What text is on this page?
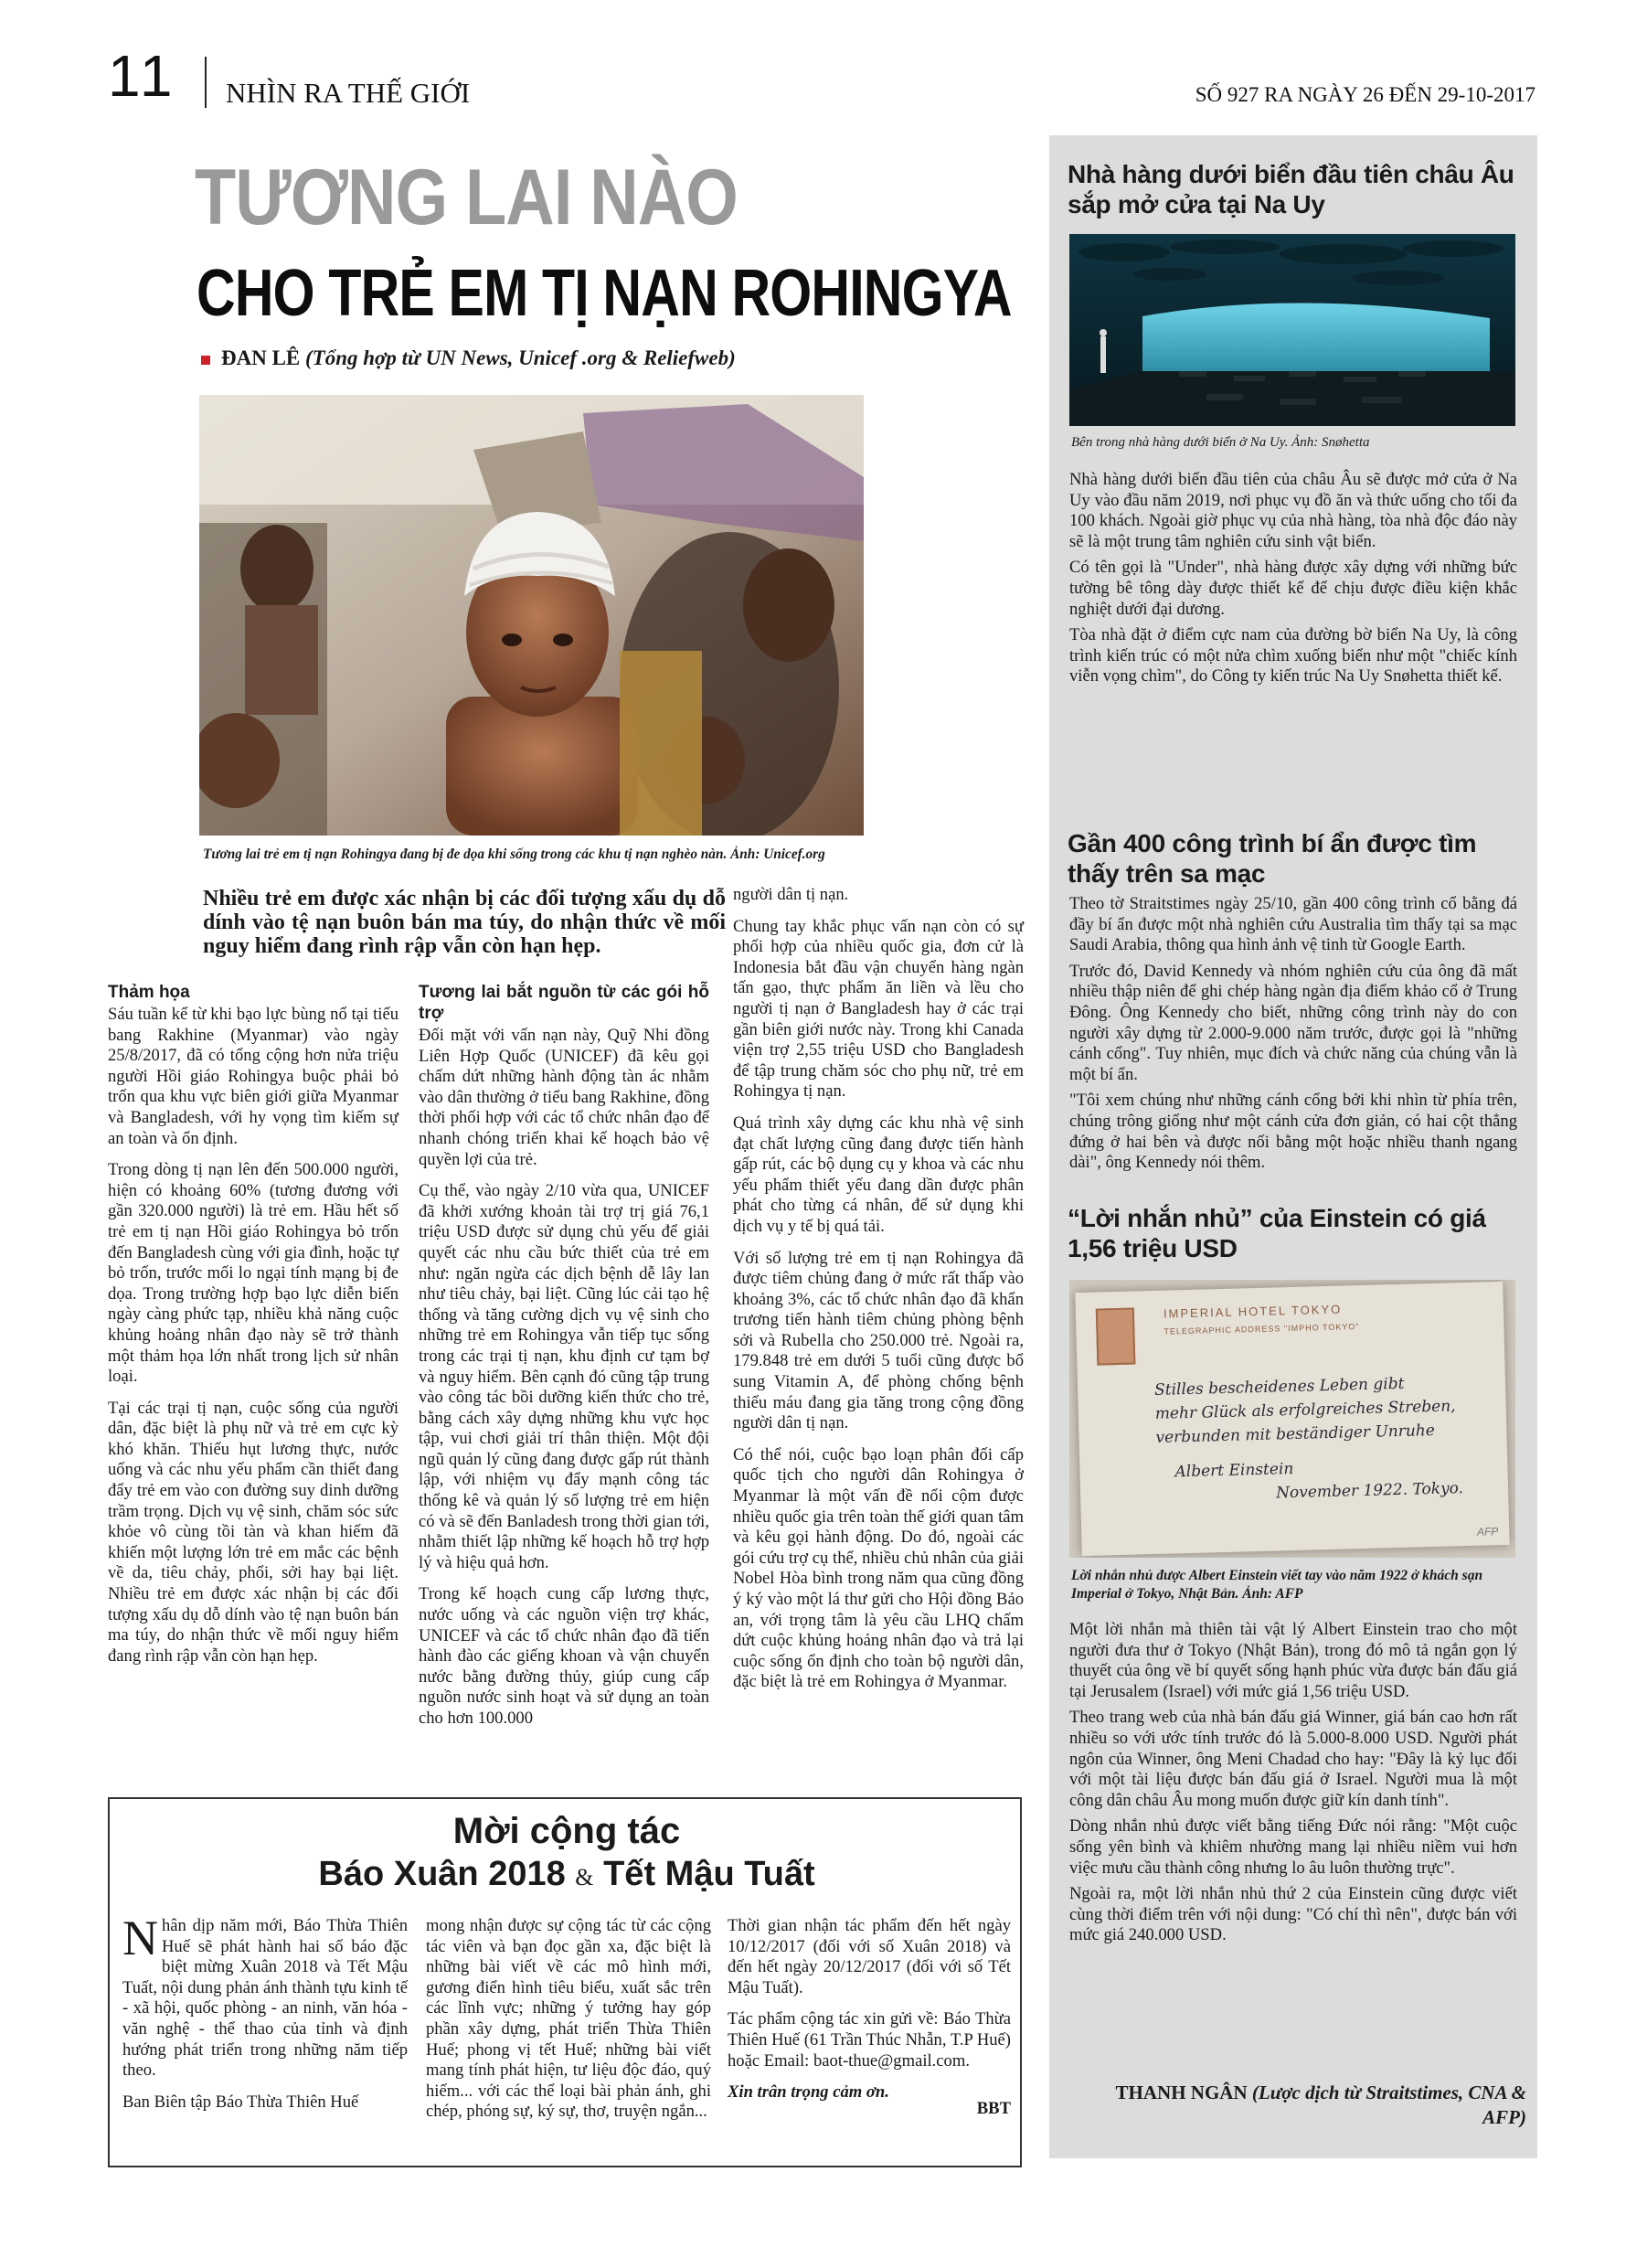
11 NHÌN RA THẾ GIỚI	SỐ 927 RA NGÀY 26 ĐẾN 29-10-2017
TƯƠNG LAI NÀO
CHO TRẺ EM TỊ NẠN ROHINGYA
ĐAN LÊ (Tổng hợp từ UN News, Unicef .org & Reliefweb)
Tương lai trẻ em tị nạn Rohingya đang bị đe dọa khi sống trong các khu tị nạn nghèo nàn. Ảnh: Unicef.org
Nhiều trẻ em được xác nhận bị các đối tượng xấu dụ dỗ dính vào tệ nạn buôn bán ma túy, do nhận thức về mối nguy hiểm đang rình rập vẫn còn hạn hẹp.
Thảm họa

Sáu tuần kể từ khi bạo lực bùng nổ tại tiểu bang Rakhine (Myanmar) vào ngày 25/8/2017, đã có tổng cộng hơn nửa triệu người Hồi giáo Rohingya buộc phải bỏ trốn qua khu vực biên giới giữa Myanmar và Bangladesh, với hy vọng tìm kiếm sự an toàn và ổn định.

Trong dòng tị nạn lên đến 500.000 người, hiện có khoảng 60% (tương đương với gần 320.000 người) là trẻ em. Hầu hết số trẻ em tị nạn Hồi giáo Rohingya bỏ trốn đến Bangladesh cùng với gia đình, hoặc tự bỏ trốn, trước mối lo ngại tính mạng bị đe dọa. Trong trường hợp bạo lực diễn biến ngày càng phức tạp, nhiều khả năng cuộc khủng hoảng nhân đạo này sẽ trở thành một thảm họa lớn nhất trong lịch sử nhân loại.

Tại các trại tị nạn, cuộc sống của người dân, đặc biệt là phụ nữ và trẻ em cực kỳ khó khăn. Thiếu hụt lương thực, nước uống và các nhu yếu phẩm cần thiết đang đẩy trẻ em vào con đường suy dinh dưỡng trầm trọng. Dịch vụ vệ sinh, chăm sóc sức khỏe vô cùng tồi tàn và khan hiếm đã khiến một lượng lớn trẻ em mắc các bệnh về da, tiêu chảy, phổi, sởi hay bại liệt. Nhiều trẻ em được xác nhận bị các đối tượng xấu dụ dỗ dính vào tệ nạn buôn bán ma túy, do nhận thức về mối nguy hiểm đang rình rập vẫn còn hạn hẹp.

Tương lai bắt nguồn từ các gói hỗ trợ

Đối mặt với vấn nạn này, Quỹ Nhi đồng Liên Hợp Quốc (UNICEF) đã kêu gọi chấm dứt những hành động tàn ác nhằm vào dân thường ở tiểu bang Rakhine, đồng thời phối hợp với các tổ chức nhân đạo để nhanh chóng triển khai kế hoạch bảo vệ quyền lợi của trẻ.

Cụ thể, vào ngày 2/10 vừa qua, UNICEF đã khởi xướng khoản tài trợ trị giá 76,1 triệu USD được sử dụng chủ yếu để giải quyết các nhu cầu bức thiết của trẻ em như: ngăn ngừa các dịch bệnh dễ lây lan như tiêu chảy, bại liệt. Cũng lúc cải tạo hệ thống và tăng cường dịch vụ vệ sinh cho những trẻ em Rohingya vẫn tiếp tục sống trong các trại tị nạn, khu định cư tạm bợ và nguy hiểm. Bên cạnh đó cũng tập trung vào công tác bồi dưỡng kiến thức cho trẻ, bằng cách xây dựng những khu vực học tập, vui chơi giải trí thân thiện. Một đội ngũ quản lý cũng đang được gấp rút thành lập, với nhiệm vụ đẩy mạnh công tác thống kê và quản lý số lượng trẻ em hiện có và sẽ đến Banladesh trong thời gian tới, nhằm thiết lập những kế hoạch hỗ trợ hợp lý và hiệu quả hơn.

Trong kế hoạch cung cấp lương thực, nước uống và các nguồn viện trợ khác, UNICEF và các tổ chức nhân đạo đã tiến hành đào các giếng khoan và vận chuyển nước bằng đường thủy, giúp cung cấp nguồn nước sinh hoạt và sử dụng an toàn cho hơn 100.000

người dân tị nạn.

Chung tay khắc phục vấn nạn còn có sự phối hợp của nhiều quốc gia, đơn cử là Indonesia bắt đầu vận chuyển hàng ngàn tấn gạo, thực phẩm ăn liền và lều cho người tị nạn ở Bangladesh hay ở các trại gần biên giới nước này. Trong khi Canada viện trợ 2,55 triệu USD cho Bangladesh để tập trung chăm sóc cho phụ nữ, trẻ em Rohingya tị nạn.

Quá trình xây dựng các khu nhà vệ sinh đạt chất lượng cũng đang được tiến hành gấp rút, các bộ dụng cụ y khoa và các nhu yếu phẩm thiết yếu đang dần được phân phát cho từng cá nhân, để sử dụng khi dịch vụ y tế bị quá tải.

Với số lượng trẻ em tị nạn Rohingya đã được tiêm chủng đang ở mức rất thấp vào khoảng 3%, các tổ chức nhân đạo đã khẩn trương tiến hành tiêm chủng phòng bệnh sởi và Rubella cho 250.000 trẻ. Ngoài ra, 179.848 trẻ em dưới 5 tuổi cũng được bổ sung Vitamin A, để phòng chống bệnh thiếu máu đang gia tăng trong cộng đồng người dân tị nạn.

Có thể nói, cuộc bạo loạn phân đối cấp quốc tịch cho người dân Rohingya ở Myanmar là một vấn đề nổi cộm được nhiều quốc gia trên toàn thế giới quan tâm và kêu gọi hành động. Do đó, ngoài các gói cứu trợ cụ thể, nhiều chủ nhân của giải Nobel Hòa bình trong năm qua cũng đồng ý ký vào một lá thư gửi cho Hội đồng Bảo an, với trọng tâm là yêu cầu LHQ chấm dứt cuộc khủng hoảng nhân đạo và trả lại cuộc sống ổn định cho toàn bộ người dân, đặc biệt là trẻ em Rohingya ở Myanmar.

Mời cộng tác
Báo Xuân 2018 & Tết Mậu Tuất

Nhân dịp năm mới, Báo Thừa Thiên Huế sẽ phát hành hai số báo đặc biệt mừng Xuân 2018 và Tết Mậu Tuất, nội dung phản ánh thành tựu kinh tế - xã hội, quốc phòng - an ninh, văn hóa - văn nghệ - thể thao của tỉnh và định hướng phát triển trong những năm tiếp theo.

Ban Biên tập Báo Thừa Thiên Huế

mong nhận được sự cộng tác từ các cộng tác viên và bạn đọc gần xa, đặc biệt là những bài viết về các mô hình mới, gương điển hình tiêu biểu, xuất sắc trên các lĩnh vực; những ý tưởng hay góp phần xây dựng, phát triển Thừa Thiên Huế; phong vị tết Huế; những bài viết mang tính phát hiện, tư liệu độc đáo, quý hiếm... với các thể loại bài phản ánh, ghi chép, phóng sự, ký sự, thơ, truyện ngắn...

Thời gian nhận tác phẩm đến hết ngày 10/12/2017 (đối với số Xuân 2018) và đến hết ngày 20/12/2017 (đối với số Tết Mậu Tuất).

Tác phẩm cộng tác xin gửi về: Báo Thừa Thiên Huế (61 Trần Thúc Nhẫn, T.P Huế) hoặc Email: baot-thue@gmail.com.

Xin trân trọng cảm ơn.
BBT

Nhà hàng dưới biển đầu tiên châu Âu sắp mở cửa tại Na Uy
Bên trong nhà hàng dưới biển ở Na Uy. Ảnh: Snøhetta

Nhà hàng dưới biển đầu tiên của châu Âu sẽ được mở cửa ở Na Uy vào đầu năm 2019, nơi phục vụ đồ ăn và thức uống cho tối đa 100 khách. Ngoài giờ phục vụ của nhà hàng, tòa nhà độc đáo này sẽ là một trung tâm nghiên cứu sinh vật biển.

Có tên gọi là "Under", nhà hàng được xây dựng với những bức tường bê tông dày được thiết kế để chịu được điều kiện khắc nghiệt dưới đại dương.

Tòa nhà đặt ở điểm cực nam của đường bờ biển Na Uy, là công trình kiến trúc có một nửa chìm xuống biển như một "chiếc kính viễn vọng chìm", do Công ty kiến trúc Na Uy Snøhetta thiết kế.

Gần 400 công trình bí ẩn được tìm thấy trên sa mạc

Theo tờ Straitstimes ngày 25/10, gần 400 công trình cổ bằng đá đầy bí ẩn được một nhà nghiên cứu Australia tìm thấy tại sa mạc Saudi Arabia, thông qua hình ảnh vệ tinh từ Google Earth.

Trước đó, David Kennedy và nhóm nghiên cứu của ông đã mất nhiều thập niên để ghi chép hàng ngàn địa điểm khảo cổ ở Trung Đông. Ông Kennedy cho biết, những công trình này do con người xây dựng từ 2.000-9.000 năm trước, được gọi là "những cánh cổng". Tuy nhiên, mục đích và chức năng của chúng vẫn là một bí ẩn.

"Tôi xem chúng như những cánh cổng bởi khi nhìn từ phía trên, chúng trông giống như một cánh cửa đơn giản, có hai cột thẳng đứng ở hai bên và được nối bằng một hoặc nhiều thanh ngang dài", ông Kennedy nói thêm.

“Lời nhắn nhủ” của Einstein có giá 1,56 triệu USD
IMPERIAL HOTEL TOKYO
TELEGRAPHIC ADDRESS "IMPHO TOKYO"
Stilles bescheidenes Leben gibt
mehr Glück als erfolgreiches Streben,
verbunden mit beständiger Unruhe
Albert Einstein
November 1922. Tokyo.
AFP
Lời nhắn nhủ được Albert Einstein viết tay vào năm 1922 ở khách sạn Imperial ở Tokyo, Nhật Bản. Ảnh: AFP

Một lời nhắn mà thiên tài vật lý Albert Einstein trao cho một người đưa thư ở Tokyo (Nhật Bản), trong đó mô tả ngắn gọn lý thuyết của ông về bí quyết sống hạnh phúc vừa được bán đấu giá tại Jerusalem (Israel) với mức giá 1,56 triệu USD.

Theo trang web của nhà bán đấu giá Winner, giá bán cao hơn rất nhiều so với ước tính trước đó là 5.000-8.000 USD. Người phát ngôn của Winner, ông Meni Chadad cho hay: "Đây là kỷ lục đối với một tài liệu được bán đấu giá ở Israel. Người mua là một công dân châu Âu mong muốn được giữ kín danh tính".

Dòng nhắn nhủ được viết bằng tiếng Đức nói rằng: "Một cuộc sống yên bình và khiêm nhường mang lại nhiều niềm vui hơn việc mưu cầu thành công nhưng lo âu luôn thường trực".

Ngoài ra, một lời nhắn nhủ thứ 2 của Einstein cũng được viết cùng thời điểm trên với nội dung: "Có chí thì nên", được bán với mức giá 240.000 USD.

THANH NGÂN (Lược dịch từ Straitstimes, CNA & AFP)
